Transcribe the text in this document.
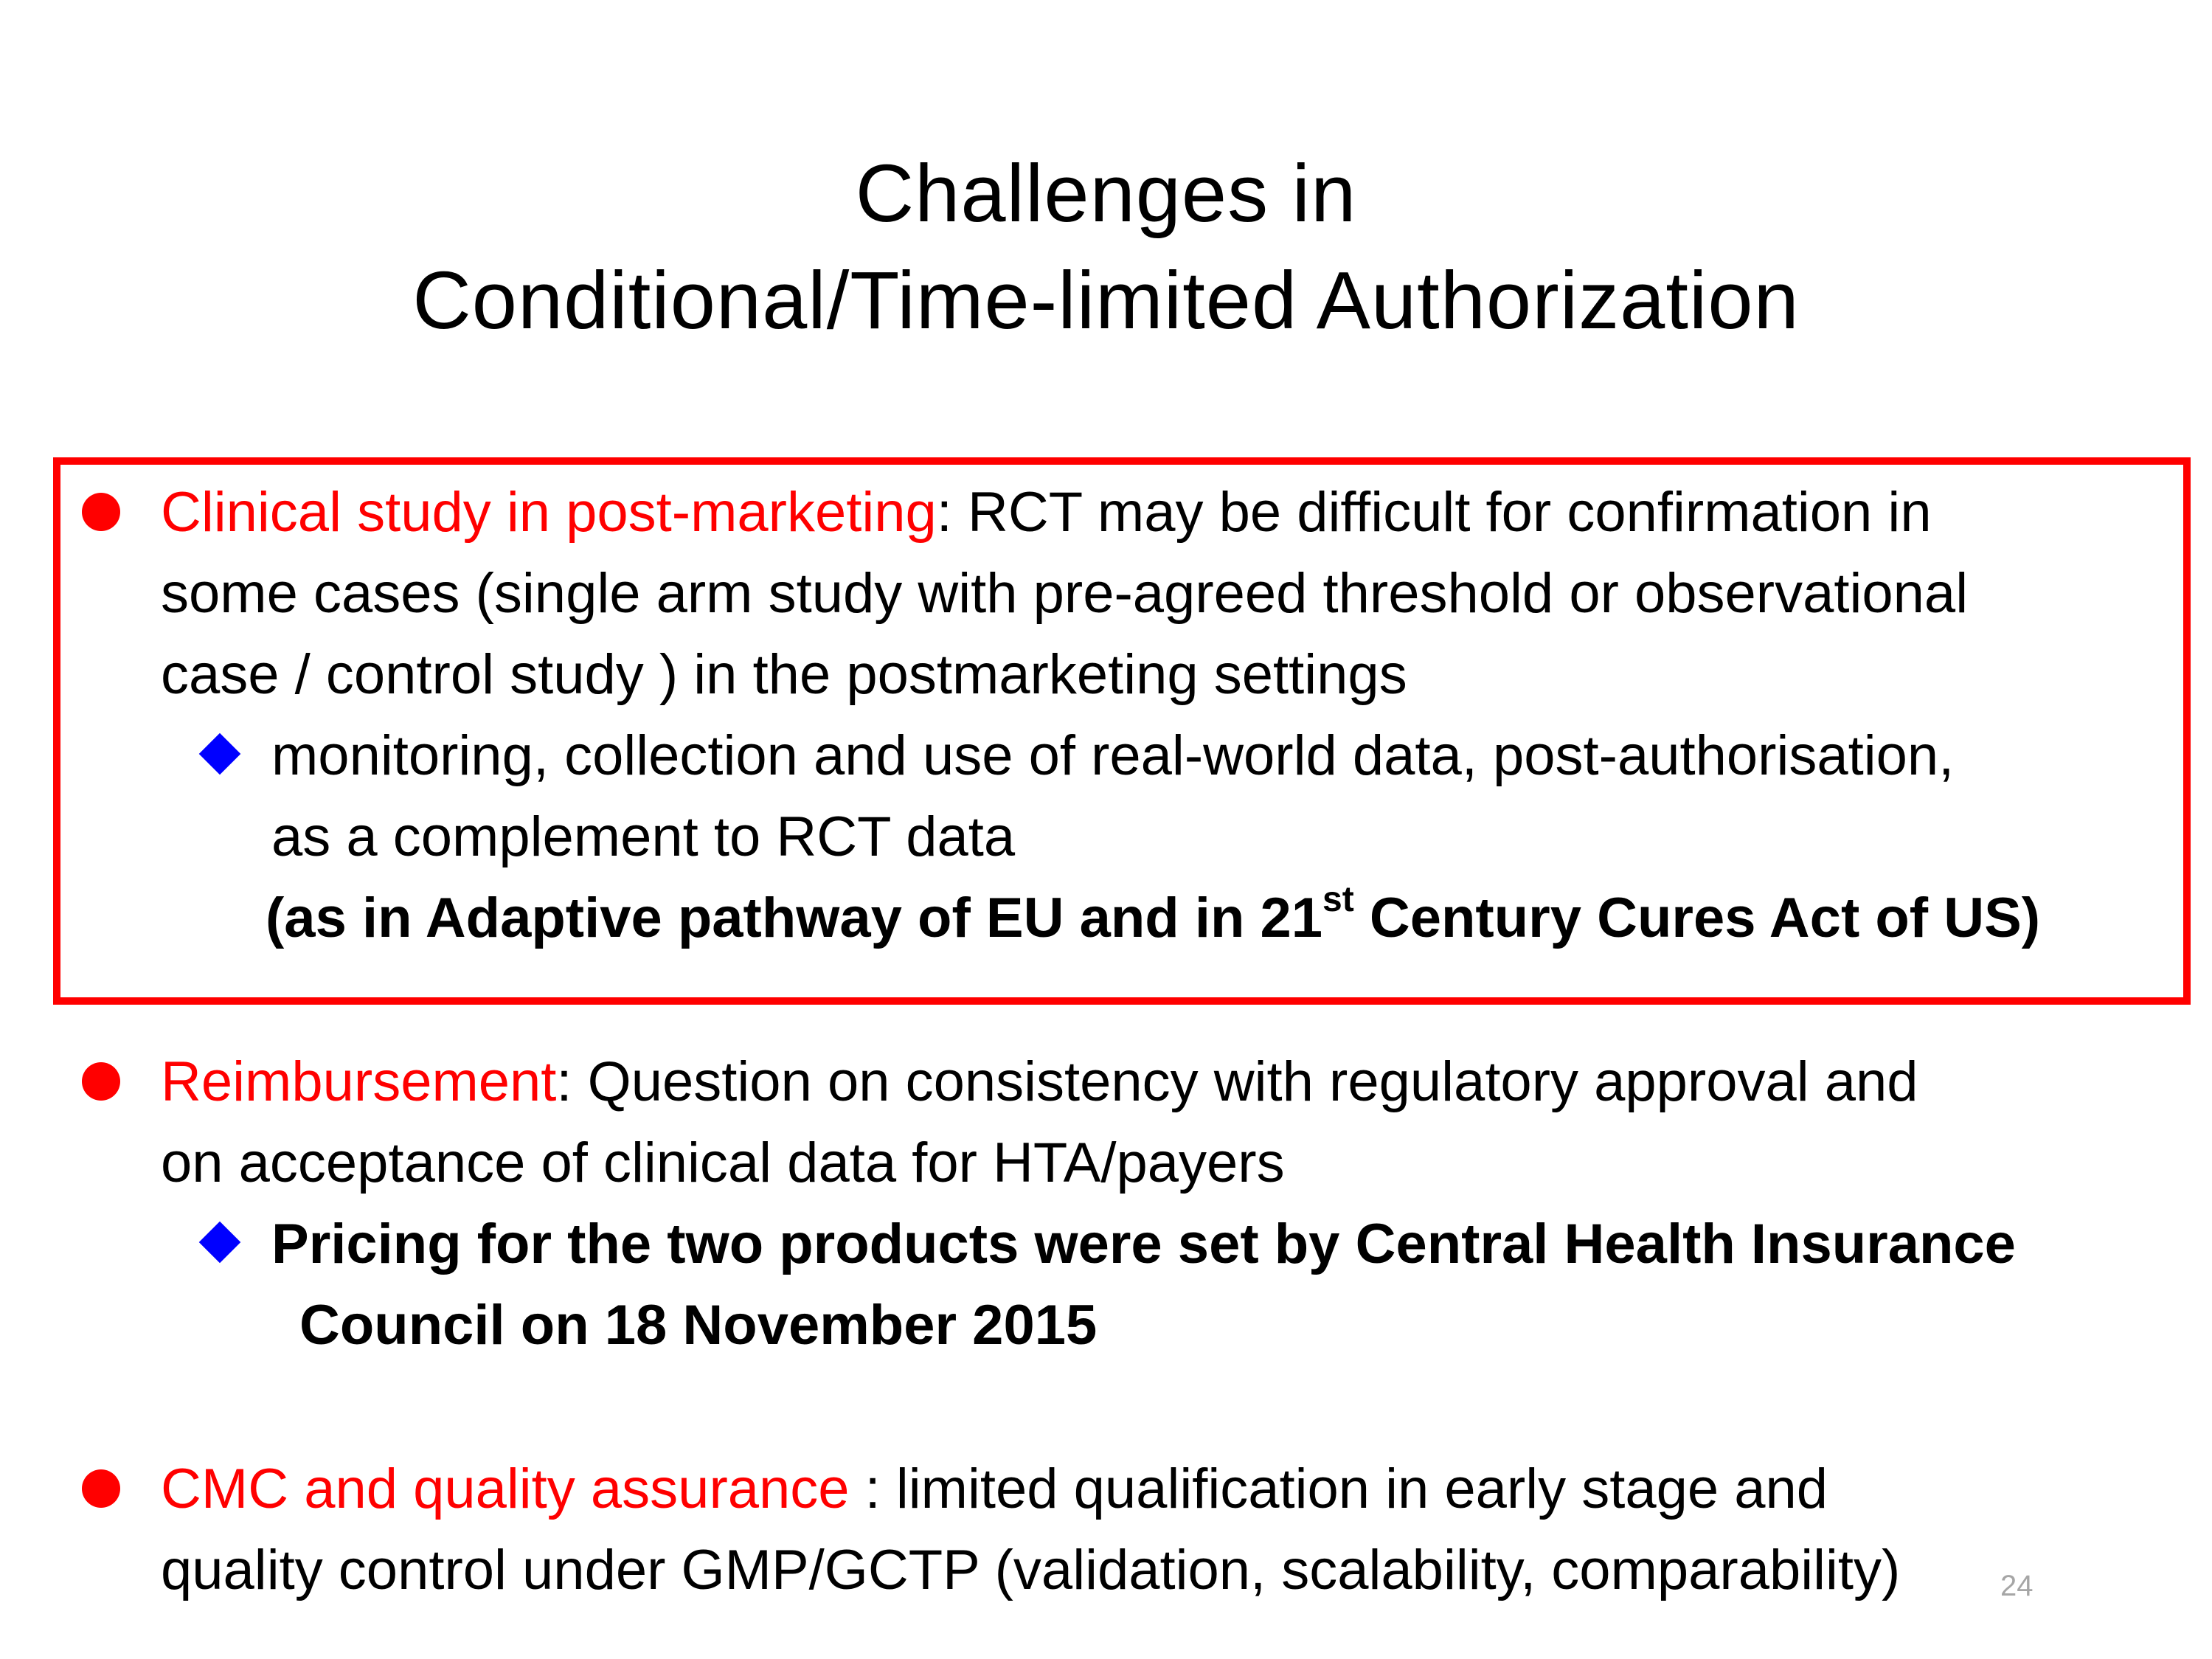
Challenges in
Conditional/Time-limited Authorization
Clinical study in post-marketing: RCT may be difficult for confirmation in
some cases (single arm study with pre-agreed threshold or observational
case / control study ) in the postmarketing settings
monitoring, collection and use of real-world data, post-authorisation,
as a complement to RCT data
(as in Adaptive pathway of EU and in 21st Century Cures Act of US)
Reimbursement: Question on consistency with regulatory approval and
on acceptance of clinical data for HTA/payers
Pricing for the two products were set by Central Health Insurance
Council on 18 November 2015
CMC and quality assurance : limited qualification in early stage and
quality control under GMP/GCTP (validation, scalability, comparability)	24
